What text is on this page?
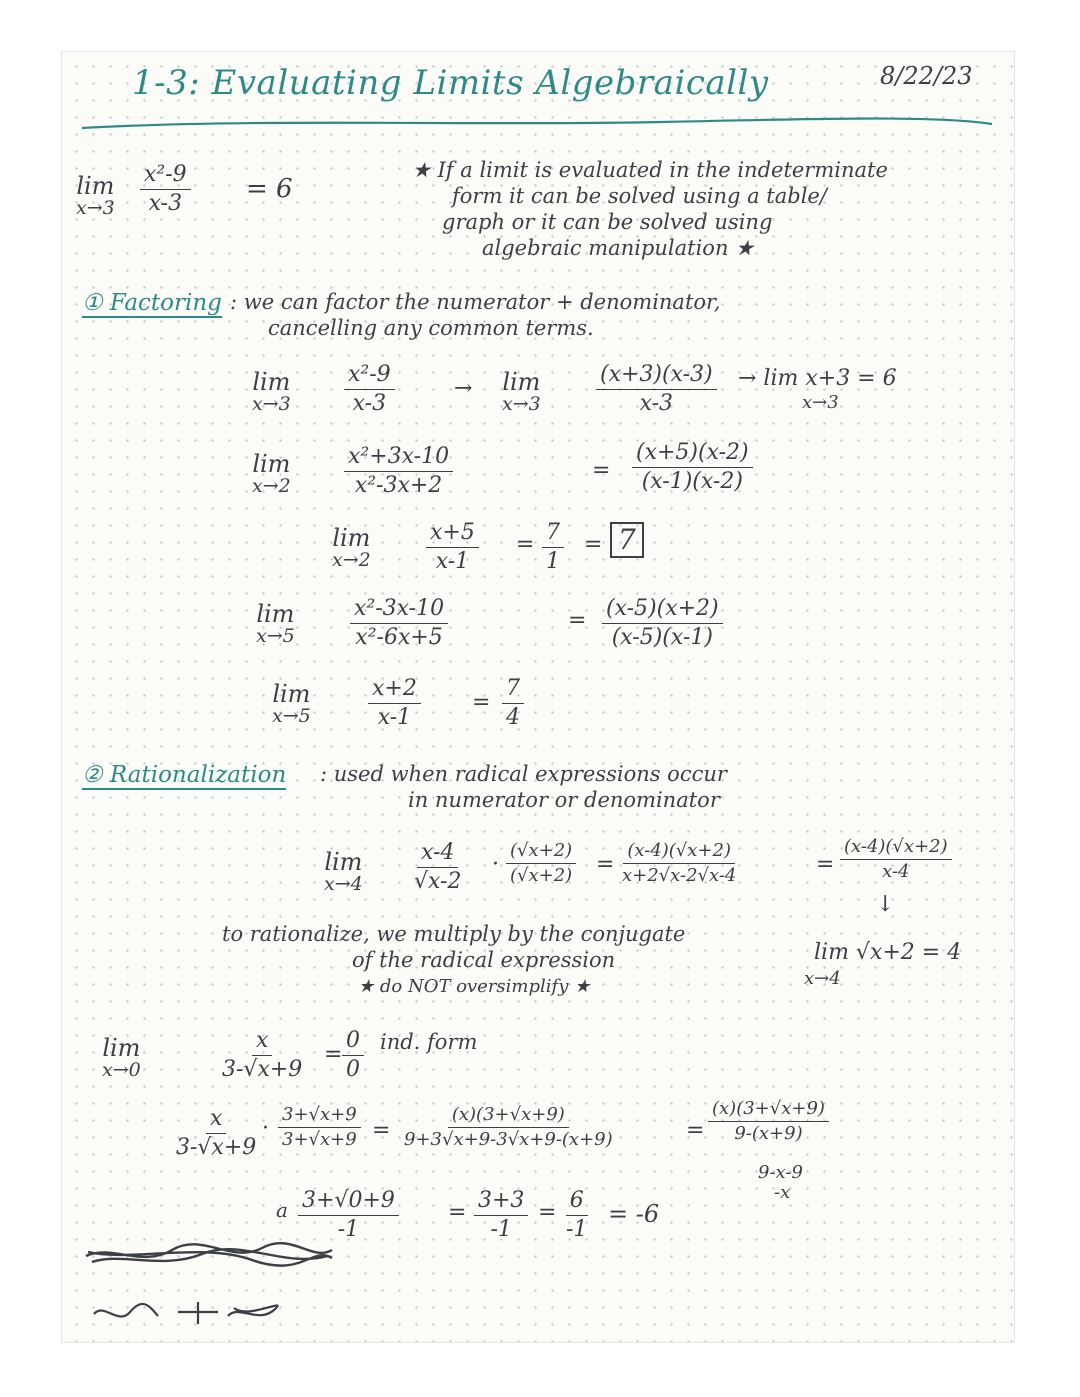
1-3: Evaluating Limits Algebraically	8/22/23
lim
$x\to 3 \frac{\text{x²-9}}{x-3} = 6$
★ If a limit is evaluated in the indeterminate
form it can be solved using a table/
graph or it can be solved using
algebraic manipulation ★
① Factoring : we can factor the numerator + denominator,
cancelling any common terms.
lim
$x\to 3 \frac{\text{x²-9}}{x-3}$	→ lim
x→3	$\frac{(x+3)(x-3)}{x-3} \to \lim x+3 = 6$
x→3
lim
$x\to 2 \frac{\text{x²+3x-10}}{\text{x²-3x+2}}$	= $\frac{(x+5)(x-2)}{(x-1)(x-2)}$
lim
x→2	$\frac{x+5}{x-1} = \frac{7}{1} = 7$
lim
x→5	$\frac{\text{x²-3x-10}}{\text{x²-6x+5}}$	= $\frac{(x-5)(x+2)}{(x-5)(x-1)}$
lim
x→5	$\frac{x+2}{x-1} = \frac{7}{4}$
② Rationalization : used when radical expressions occur
in numerator or denominator
lim
$x\to 4 \frac{x-4}{√x-2} \cdot \frac{(√x+2)}{(√x+2)} = \frac{(x-4)(√x+2)}{x+2√x-2√x-4}$	= $\frac{(x-4)(√x+2)}{x-4}$
↓
lim √x+2 = 4
x→4
to rationalize, we multiply by the conjugate
of the radical expression
★ do NOT oversimplify ★
lim
x→0	$\frac{x}{3-√x+9} = \frac{0}{0}$ ind. form
$\frac{x}{3-√x+9} \cdot \frac{3+√x+9}{3+√x+9} = \frac{(x)(3+√x+9)}{9+3√x+9-3√x+9-(x+9)}$	= $\frac{(x)(3+√x+9)}{9-(x+9)}$
9-x-9
-x
a $\frac{3+√0+9}{-1} = \frac{3+3}{-1} = \frac{6}{-1} = -6$
